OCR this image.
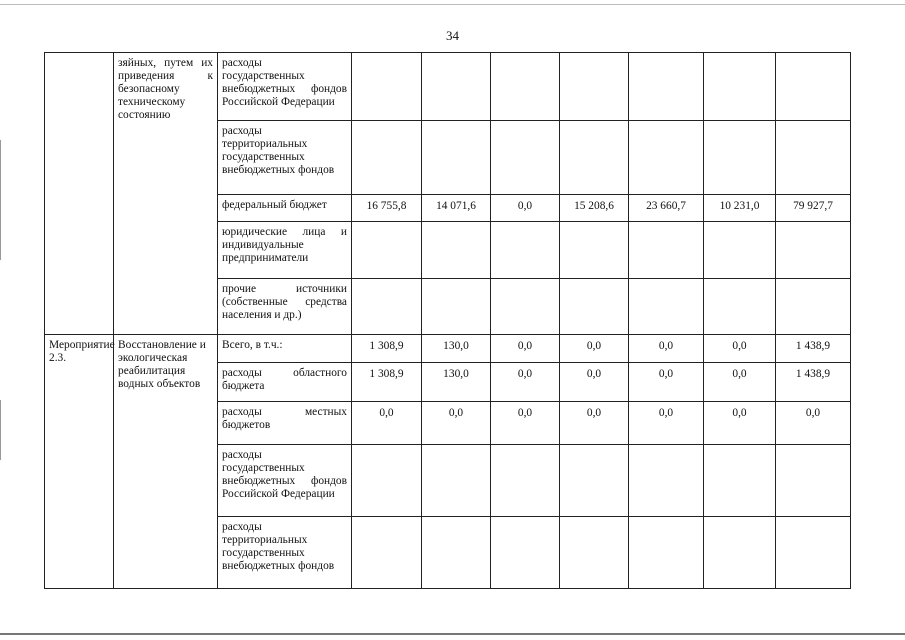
34
	зяйных, путем их приведения к безопасному техническому состоянию	расходы государственных внебюджетных фондов Российской Федерации							
		расходы территориальных государственных внебюджетных фондов							
		федеральный бюджет	16 755,8	14 071,6	0,0	15 208,6	23 660,7	10 231,0	79 927,7
		юридические лица и индивидуальные предприниматели							
		прочие источники (собственные средства населения и др.)							
Мероприятие 2.3.	Восстановление и экологическая реабилитация водных объектов	Всего, в т.ч.:	1 308,9	130,0	0,0	0,0	0,0	0,0	1 438,9
		расходы областного бюджета	1 308,9	130,0	0,0	0,0	0,0	0,0	1 438,9
		расходы местных бюджетов	0,0	0,0	0,0	0,0	0,0	0,0	0,0
		расходы государственных внебюджетных фондов Российской Федерации							
		расходы территориальных государственных внебюджетных фондов							
